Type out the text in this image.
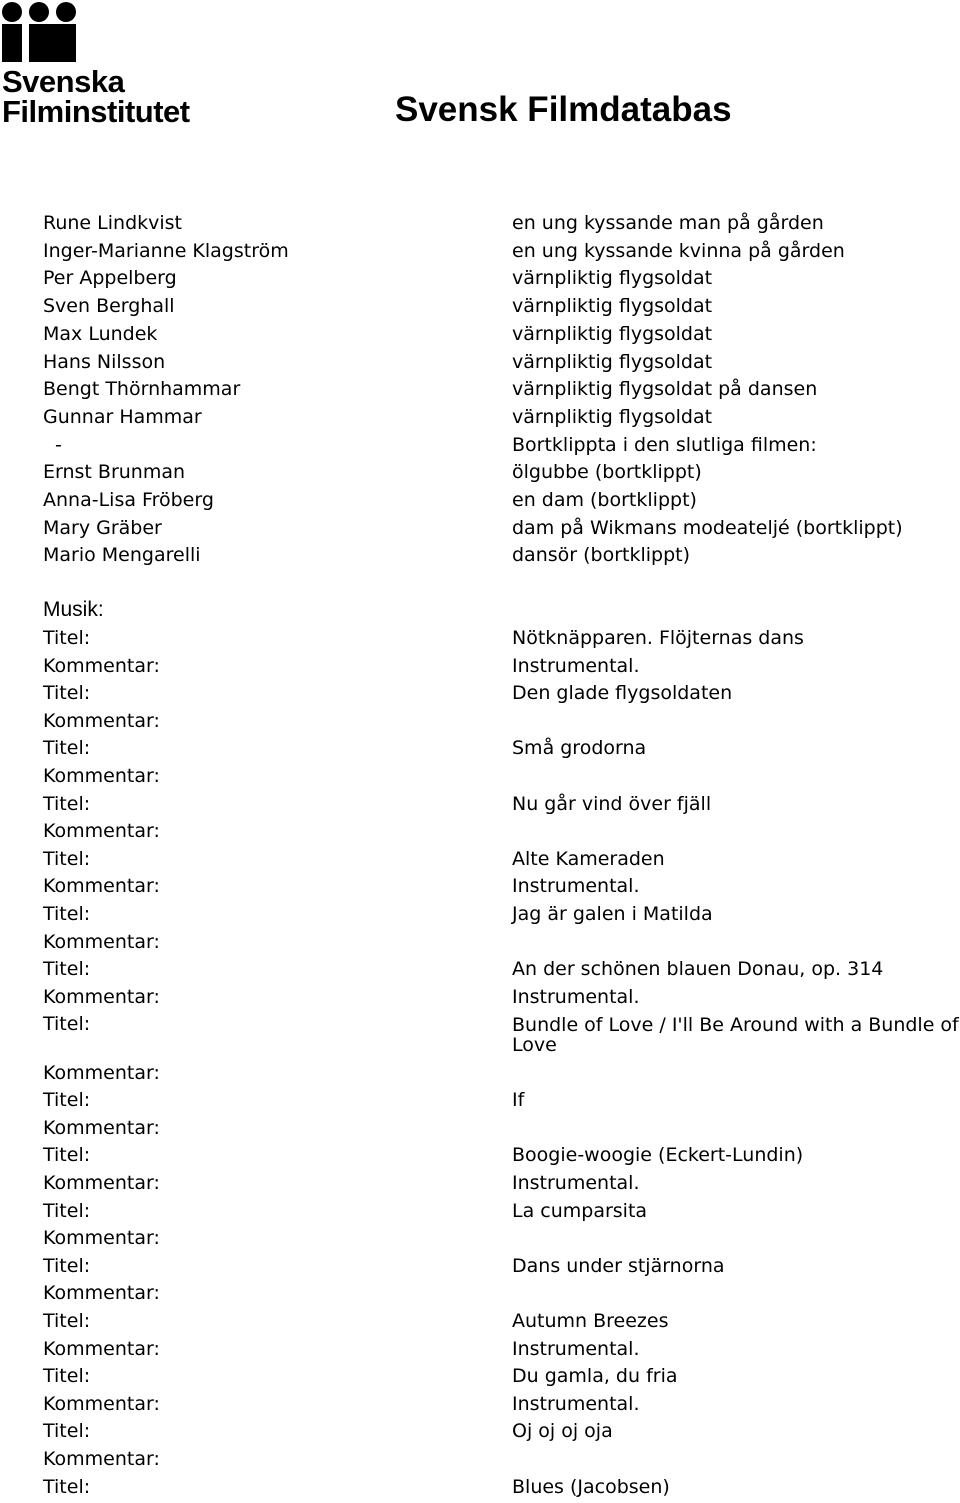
Svenska
Filminstitutet	Svensk Filmdatabas
Rune Lindkvist	en ung kyssande man på gården
Inger-Marianne Klagström	en ung kyssande kvinna på gården
Per Appelberg	värnpliktig flygsoldat
Sven Berghall	värnpliktig flygsoldat
Max Lundek	värnpliktig flygsoldat
Hans Nilsson	värnpliktig flygsoldat
Bengt Thörnhammar	värnpliktig flygsoldat på dansen
Gunnar Hammar	värnpliktig flygsoldat
-	Bortklippta i den slutliga filmen:
Ernst Brunman	ölgubbe (bortklippt)
Anna-Lisa Fröberg	en dam (bortklippt)
Mary Gräber	dam på Wikmans modeateljé (bortklippt)
Mario Mengarelli	dansör (bortklippt)
Musik:
Titel:	Nötknäpparen. Flöjternas dans
Kommentar:	Instrumental.
Titel:	Den glade flygsoldaten
Kommentar:
Titel:	Små grodorna
Kommentar:
Titel:	Nu går vind över fjäll
Kommentar:
Titel:	Alte Kameraden
Kommentar:	Instrumental.
Titel:	Jag är galen i Matilda
Kommentar:
Titel:	An der schönen blauen Donau, op. 314
Kommentar:	Instrumental.
Titel:	Bundle of Love / I'll Be Around with a Bundle of Love
Kommentar:
Titel:	If
Kommentar:
Titel:	Boogie-woogie (Eckert-Lundin)
Kommentar:	Instrumental.
Titel:	La cumparsita
Kommentar:
Titel:	Dans under stjärnorna
Kommentar:
Titel:	Autumn Breezes
Kommentar:	Instrumental.
Titel:	Du gamla, du fria
Kommentar:	Instrumental.
Titel:	Oj oj oj oja
Kommentar:
Titel:	Blues (Jacobsen)
